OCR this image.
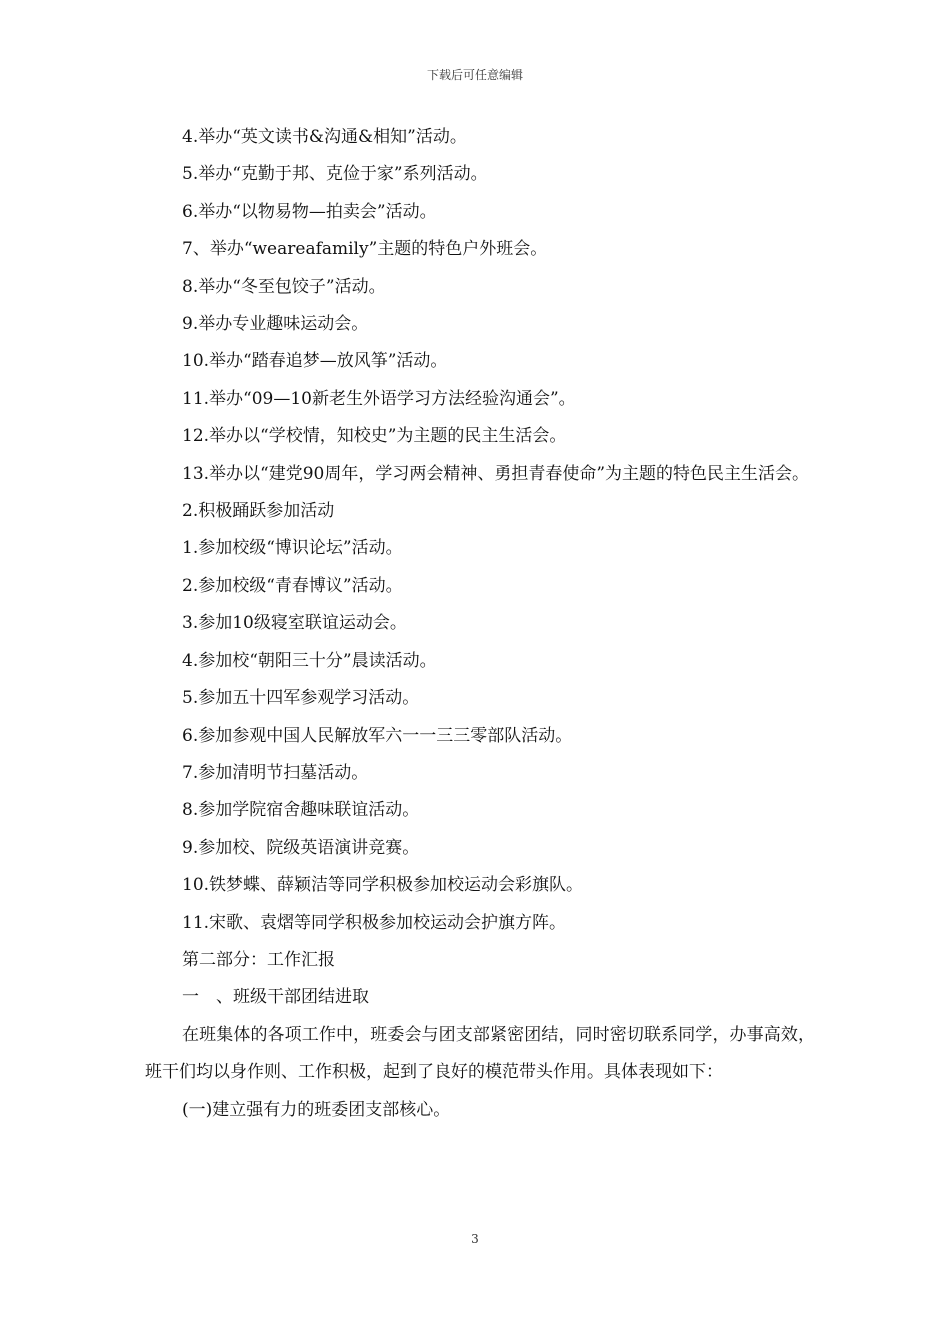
下载后可任意编辑

4.举办“英文读书&沟通&相知”活动。

5.举办“克勤于邦、克俭于家”系列活动。

6.举办“以物易物—拍卖会”活动。

7、举办“weareafamily”主题的特色户外班会。

8.举办“冬至包饺子”活动。

9.举办专业趣味运动会。

10.举办“踏春追梦—放风筝”活动。

11.举办“09—10新老生外语学习方法经验沟通会”。

12.举办以“学校情，知校史”为主题的民主生活会。

13.举办以“建党90周年，学习两会精神、勇担青春使命”为主题的特色民主生活会。

2.积极踊跃参加活动

1.参加校级“博识论坛”活动。

2.参加校级“青春博议”活动。

3.参加10级寝室联谊运动会。

4.参加校“朝阳三十分”晨读活动。

5.参加五十四军参观学习活动。

6.参加参观中国人民解放军六一一三三零部队活动。

7.参加清明节扫墓活动。

8.参加学院宿舍趣味联谊活动。

9.参加校、院级英语演讲竞赛。

10.铁梦蝶、薛颖洁等同学积极参加校运动会彩旗队。

11.宋歌、袁熠等同学积极参加校运动会护旗方阵。

第二部分：工作汇报

一　、班级干部团结进取

在班集体的各项工作中，班委会与团支部紧密团结，同时密切联系同学，办事高效，班干们均以身作则、工作积极，起到了良好的模范带头作用。具体表现如下：

(一)建立强有力的班委团支部核心。

3
